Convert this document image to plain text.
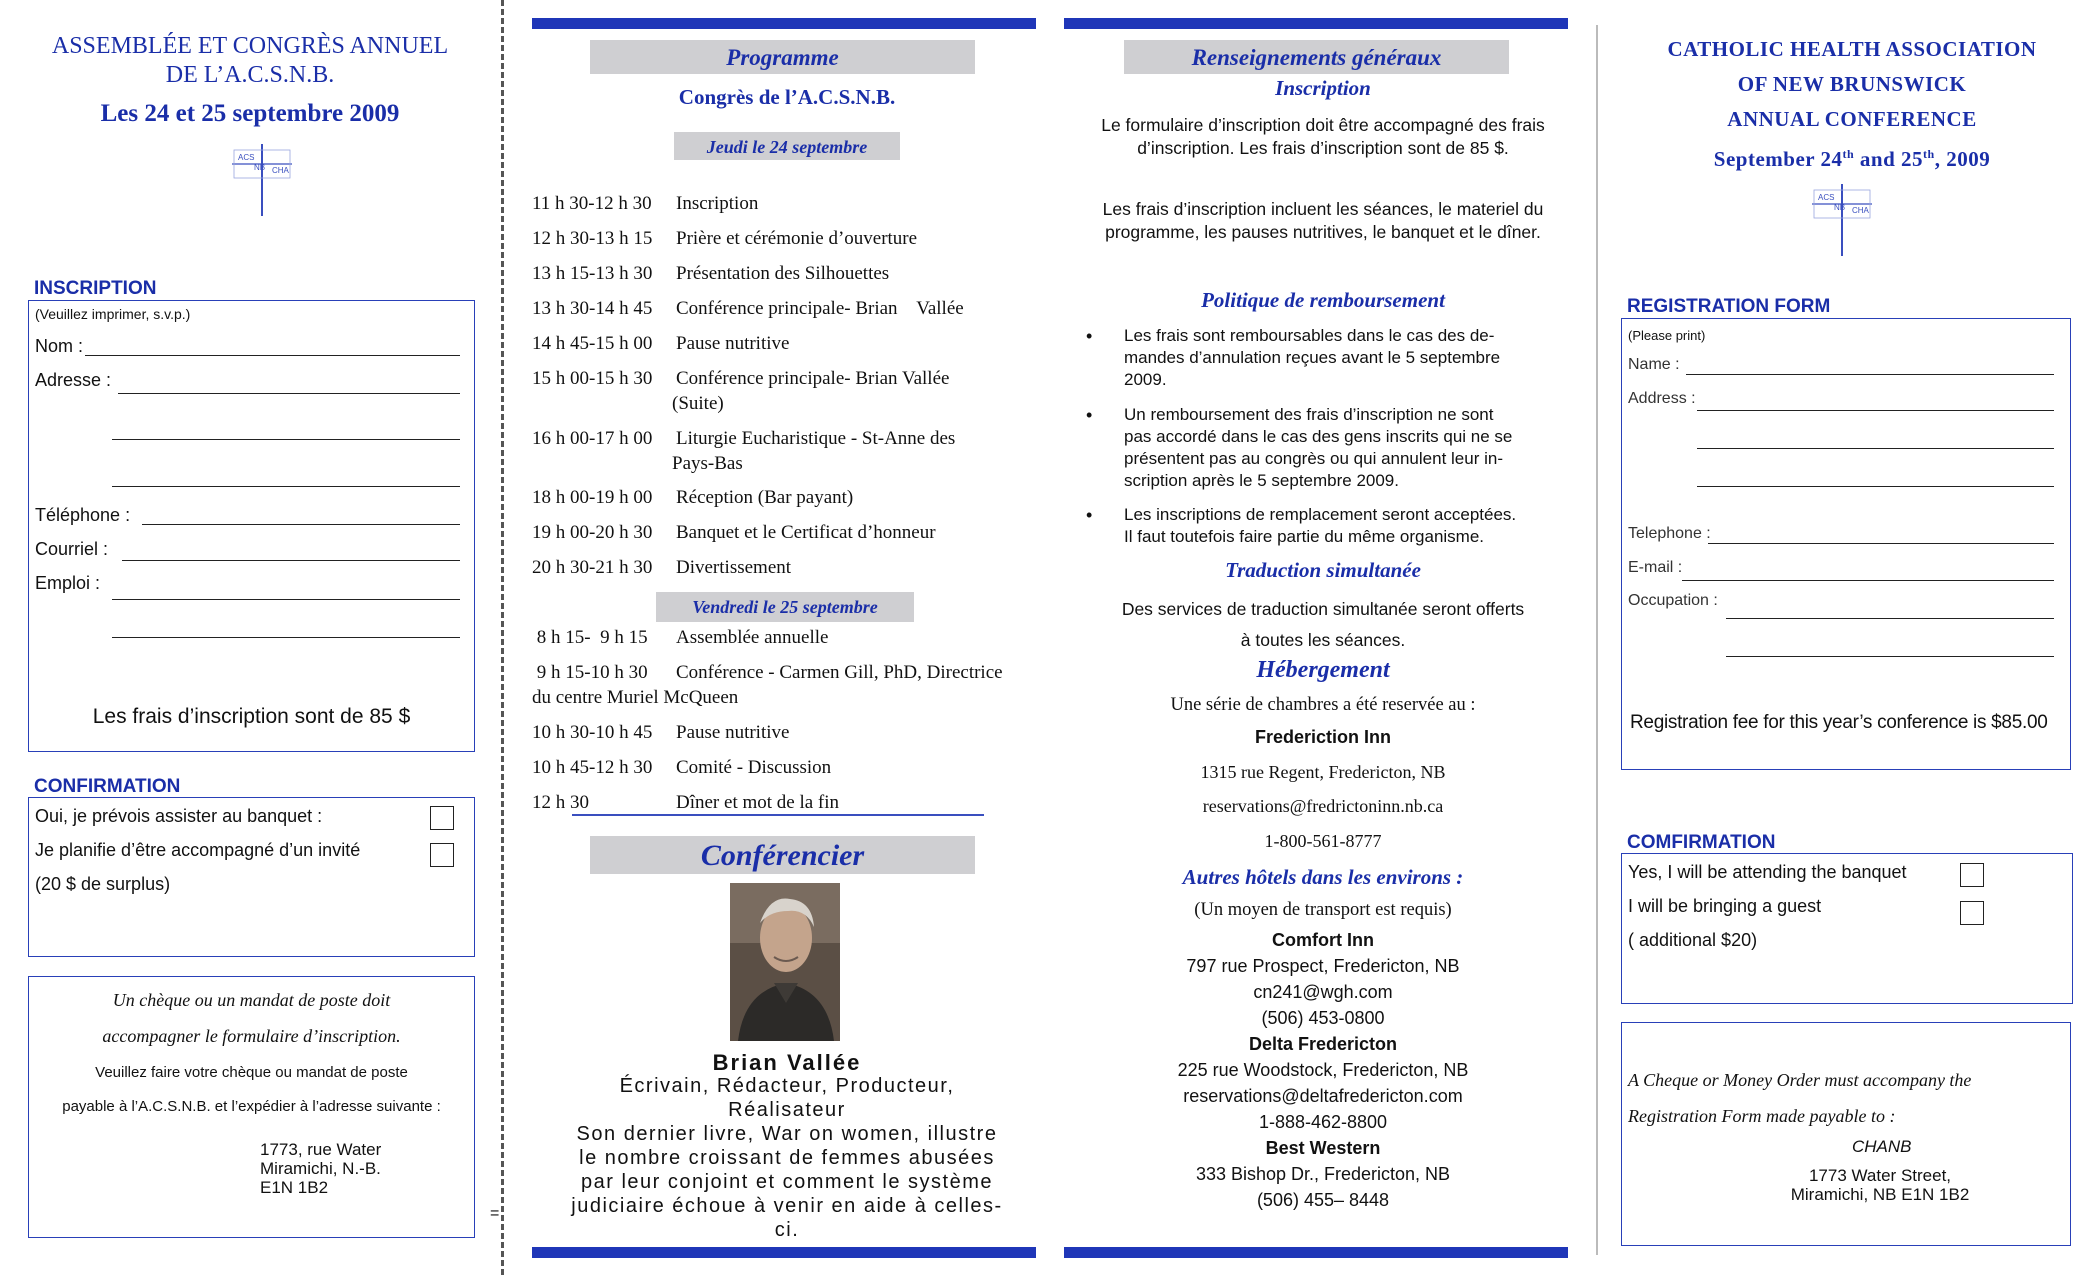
=
ASSEMBLÉE ET CONGRÈS ANNUEL
DE L’A.C.S.N.B.
Les 24 et 25 septembre 2009
ACS
NB CHA
INSCRIPTION
(Veuillez imprimer, s.v.p.)
Nom :
Adresse :
Téléphone :
Courriel :
Emploi :
Les frais d’inscription sont de 85 $
CONFIRMATION
Oui, je prévois assister au banquet :
Je planifie d’être accompagné d’un invité
(20 $ de surplus)
Un chèque ou un mandat de poste doit
accompagner le formulaire d’inscription.
Veuillez faire votre chèque ou mandat de poste
payable à l’A.C.S.N.B. et l’expédier à l’adresse suivante :
1773, rue Water
Miramichi, N.-B.
E1N 1B2
Programme
Congrès de l’A.C.S.N.B.
Jeudi le 24 septembre
11 h 30-12 h 30 Inscription
12 h 30-13 h 15 Prière et cérémonie d’ouverture
13 h 15-13 h 30 Présentation des Silhouettes
13 h 30-14 h 45 Conférence principale- Brian    Vallée
14 h 45-15 h 00 Pause nutritive
15 h 00-15 h 30 Conférence principale- Brian Vallée
(Suite)
16 h 00-17 h 00 Liturgie Eucharistique - St-Anne des
Pays-Bas
18 h 00-19 h 00 Réception (Bar payant)
19 h 00-20 h 30 Banquet et le Certificat d’honneur
20 h 30-21 h 30 Divertissement
Vendredi le 25 septembre
8 h 15-  9 h 15 Assemblée annuelle
9 h 15-10 h 30 Conférence - Carmen Gill, PhD, Directrice
du centre Muriel McQueen
10 h 30-10 h 45 Pause nutritive
10 h 45-12 h 30 Comité - Discussion
12 h 30	Dîner et mot de la fin
Conférencier
Brian Vallée
Écrivain, Rédacteur, Producteur,
Réalisateur
Son dernier livre, War on women, illustre
le nombre croissant de femmes abusées
par leur conjoint et comment le système
judiciaire échoue à venir en aide à celles-
ci.
Renseignements généraux
Inscription
Le formulaire d’inscription doit être accompagné des frais
d’inscription. Les frais d’inscription sont de 85 $.
Les frais d’inscription incluent les séances, le materiel du
programme, les pauses nutritives, le banquet et le dîner.
Politique de remboursement
• Les frais sont remboursables dans le cas des de-
mandes d’annulation reçues avant le 5 septembre
2009.
• Un remboursement des frais d’inscription ne sont
pas accordé dans le cas des gens inscrits qui ne se
présentent pas au congrès ou qui annulent leur in-
scription après le 5 septembre 2009.
• Les inscriptions de remplacement seront acceptées.
Il faut toutefois faire partie du même organisme.
Traduction simultanée
Des services de traduction simultanée seront offerts
à toutes les séances.
Hébergement
Une série de chambres a été reservée au :
Frederiction Inn
1315 rue Regent, Fredericton, NB
reservations@fredrictoninn.nb.ca
1-800-561-8777
Autres hôtels dans les environs :
(Un moyen de transport est requis)
Comfort Inn
797 rue Prospect, Fredericton, NB
cn241@wgh.com
(506) 453-0800
Delta Fredericton
225 rue Woodstock, Fredericton, NB
reservations@deltafredericton.com
1-888-462-8800
Best Western
333 Bishop Dr., Fredericton, NB
(506) 455– 8448
CATHOLIC HEALTH ASSOCIATION
OF NEW BRUNSWICK
ANNUAL CONFERENCE
September 24th and 25th, 2009
ACS
NB CHA
REGISTRATION FORM
(Please print)
Name :
Address :
Telephone :
E-mail :
Occupation :
Registration fee for this year’s conference is $85.00
COMFIRMATION
Yes, I will be attending the banquet
I will be bringing a guest
( additional $20)
A Cheque or Money Order must accompany the
Registration Form made payable to :
CHANB
1773 Water Street,
Miramichi, NB E1N 1B2
